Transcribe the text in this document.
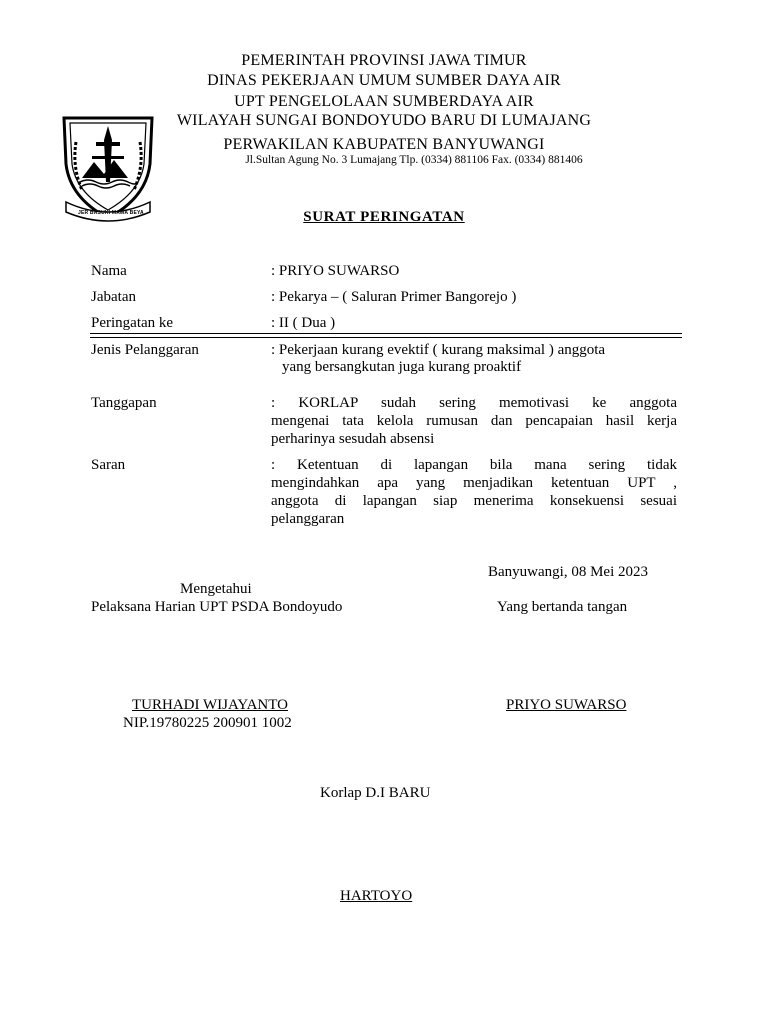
JER BASUKI MAWA BEYA
PEMERINTAH PROVINSI JAWA TIMUR
DINAS PEKERJAAN UMUM SUMBER DAYA AIR
UPT PENGELOLAAN SUMBERDAYA AIR
WILAYAH SUNGAI BONDOYUDO BARU DI LUMAJANG
PERWAKILAN KABUPATEN BANYUWANGI
Jl.Sultan Agung No. 3 Lumajang Tlp. (0334) 881106 Fax. (0334) 881406
SURAT PERINGATAN
Nama	: PRIYO SUWARSO
Jabatan	: Pekarya – ( Saluran Primer Bangorejo )
Peringatan ke	: II ( Dua )
Jenis Pelanggaran	: Pekerjaan kurang evektif ( kurang maksimal ) anggota
yang bersangkutan juga kurang proaktif
Tanggapan	: KORLAP sudah sering memotivasi ke anggota
mengenai tata kelola rumusan dan pencapaian hasil kerja
perharinya sesudah absensi
Saran	: Ketentuan di lapangan bila mana sering tidak
mengindahkan apa yang menjadikan ketentuan UPT ,
anggota di lapangan siap menerima konsekuensi sesuai
pelanggaran
Banyuwangi, 08 Mei 2023
Mengetahui
Pelaksana Harian UPT PSDA Bondoyudo	Yang bertanda tangan
TURHADI WIJAYANTO
NIP.19780225 200901 1002
PRIYO SUWARSO
Korlap D.I BARU
HARTOYO
